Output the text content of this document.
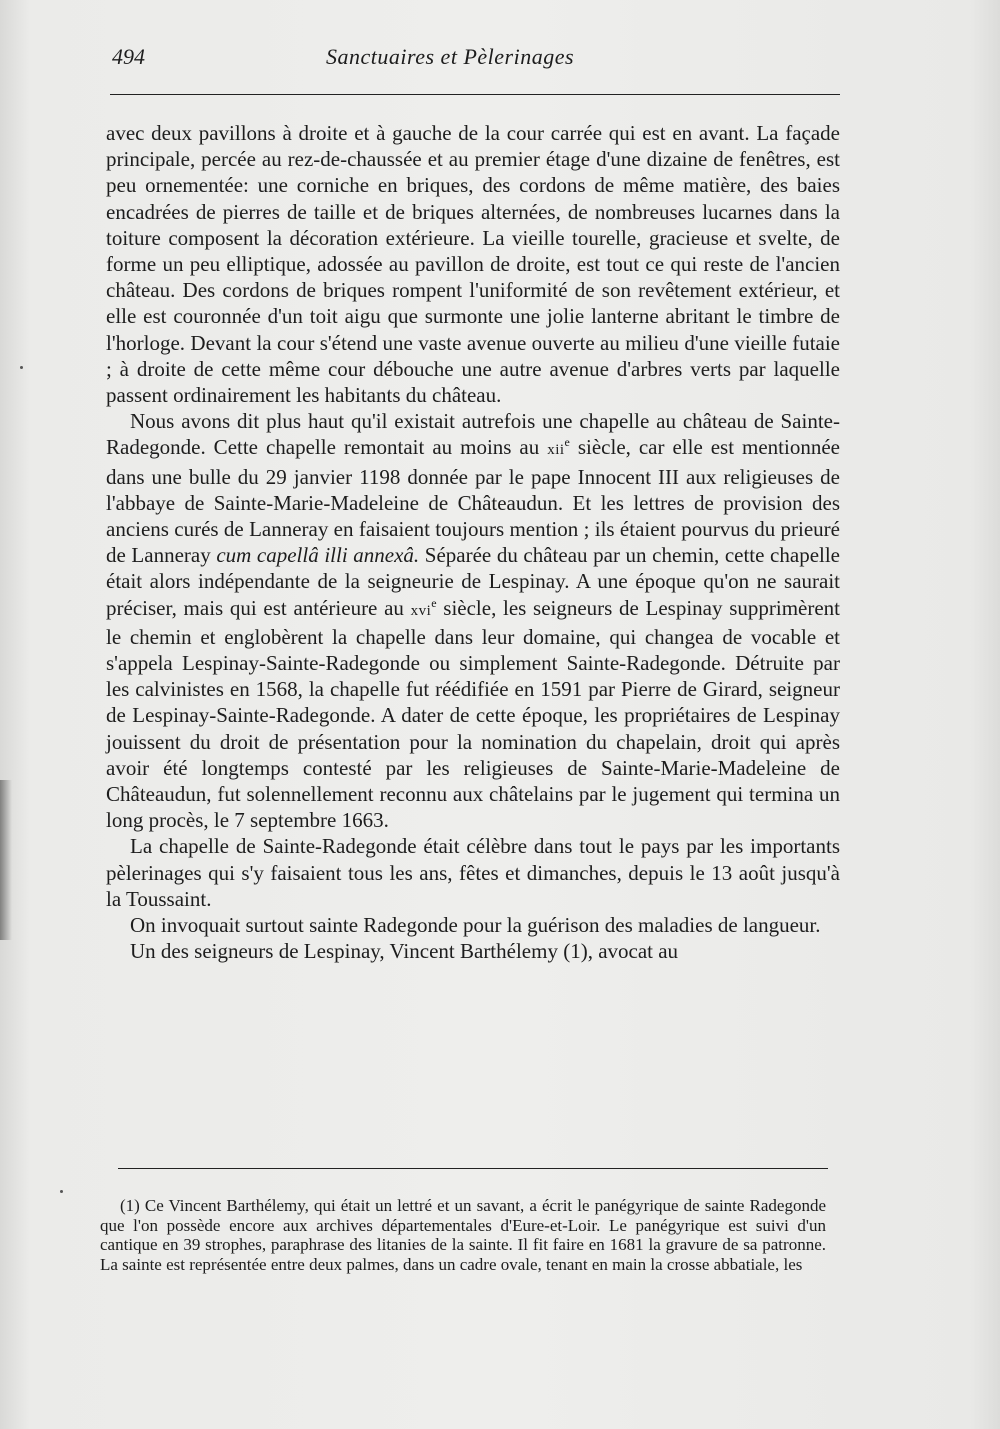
494	Sanctuaires et Pèlerinages

avec deux pavillons à droite et à gauche de la cour carrée qui est en avant. La façade principale, percée au rez-de-chaussée et au premier étage d'une dizaine de fenêtres, est peu ornementée: une corniche en briques, des cordons de même matière, des baies encadrées de pierres de taille et de briques alternées, de nombreuses lucarnes dans la toiture composent la décoration extérieure. La vieille tourelle, gracieuse et svelte, de forme un peu elliptique, adossée au pavillon de droite, est tout ce qui reste de l'ancien château. Des cordons de briques rompent l'uniformité de son revêtement extérieur, et elle est couronnée d'un toit aigu que surmonte une jolie lanterne abritant le timbre de l'horloge. Devant la cour s'étend une vaste avenue ouverte au milieu d'une vieille futaie ; à droite de cette même cour débouche une autre avenue d'arbres verts par laquelle passent ordinairement les habitants du château.

Nous avons dit plus haut qu'il existait autrefois une chapelle au château de Sainte-Radegonde. Cette chapelle remontait au moins au xii$^e$ siècle, car elle est mentionnée dans une bulle du 29 janvier 1198 donnée par le pape Innocent III aux religieuses de l'abbaye de Sainte-Marie-Madeleine de Châteaudun. Et les lettres de provision des anciens curés de Lanneray en faisaient toujours mention ; ils étaient pourvus du prieuré de Lanneray cum capellâ illi annexâ. Séparée du château par un chemin, cette chapelle était alors indépendante de la seigneurie de Lespinay. A une époque qu'on ne saurait préciser, mais qui est antérieure au xvi$^e$ siècle, les seigneurs de Lespinay supprimèrent le chemin et englobèrent la chapelle dans leur domaine, qui changea de vocable et s'appela Lespinay-Sainte-Radegonde ou simplement Sainte-Radegonde. Détruite par les calvinistes en 1568, la chapelle fut réédifiée en 1591 par Pierre de Girard, seigneur de Lespinay-Sainte-Radegonde. A dater de cette époque, les propriétaires de Lespinay jouissent du droit de présentation pour la nomination du chapelain, droit qui après avoir été longtemps contesté par les religieuses de Sainte-Marie-Madeleine de Châteaudun, fut solennellement reconnu aux châtelains par le jugement qui termina un long procès, le 7 septembre 1663.

La chapelle de Sainte-Radegonde était célèbre dans tout le pays par les importants pèlerinages qui s'y faisaient tous les ans, fêtes et dimanches, depuis le 13 août jusqu'à la Toussaint.

On invoquait surtout sainte Radegonde pour la guérison des maladies de langueur.

Un des seigneurs de Lespinay, Vincent Barthélemy (1), avocat au

(1) Ce Vincent Barthélemy, qui était un lettré et un savant, a écrit le panégyrique de sainte Radegonde que l'on possède encore aux archives départementales d'Eure-et-Loir. Le panégyrique est suivi d'un cantique en 39 strophes, paraphrase des litanies de la sainte. Il fit faire en 1681 la gravure de sa patronne. La sainte est représentée entre deux palmes, dans un cadre ovale, tenant en main la crosse abbatiale, les
